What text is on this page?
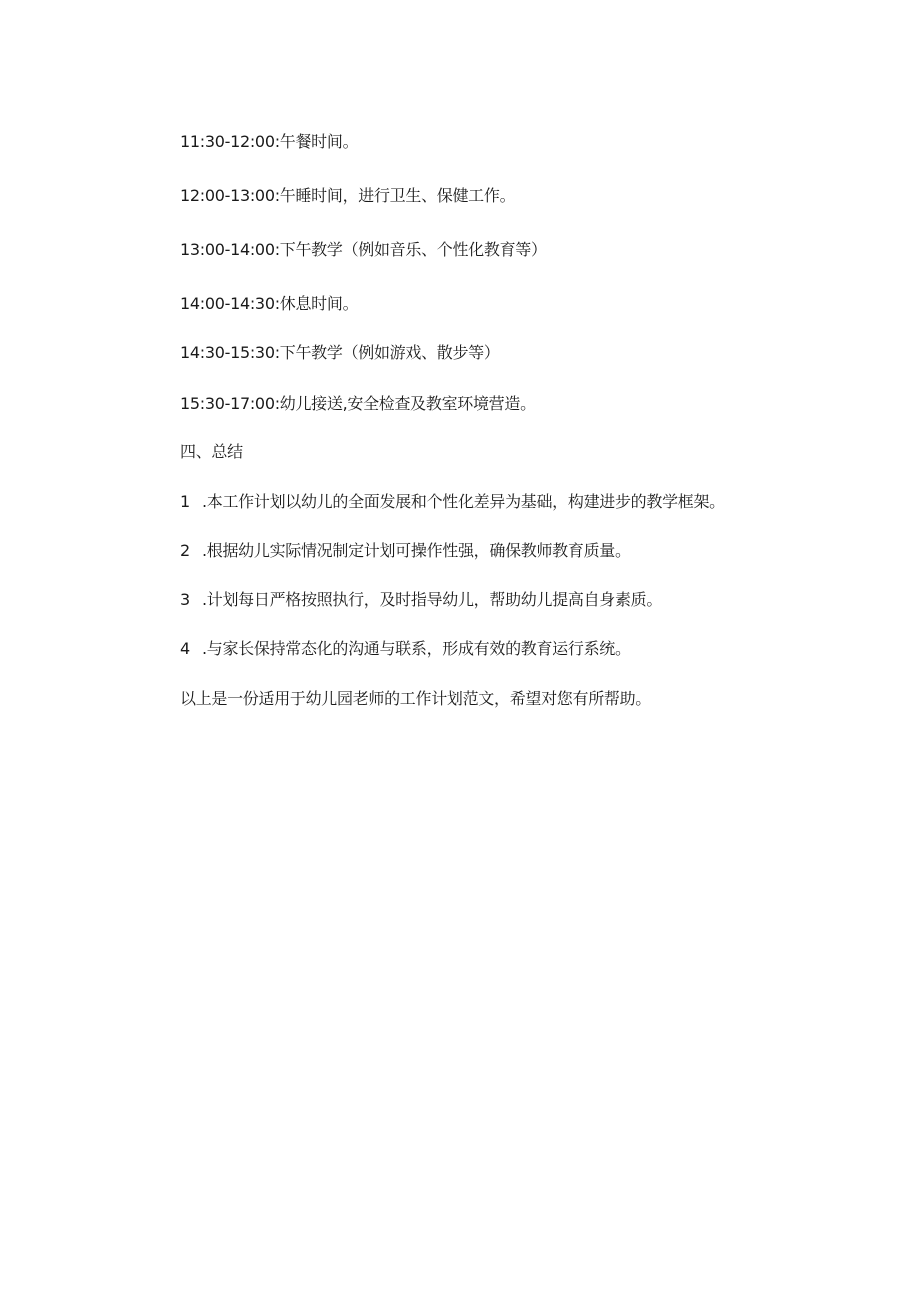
11:30-12:00:午餐时间。
12:00-13:00:午睡时间，进行卫生、保健工作。
13:00-14:00:下午教学（例如音乐、个性化教育等）
14:00-14:30:休息时间。
14:30-15:30:下午教学（例如游戏、散步等）
15:30-17:00:幼儿接送,安全检查及教室环境营造。
四、总结
1 .本工作计划以幼儿的全面发展和个性化差异为基础，构建进步的教学框架。
2 .根据幼儿实际情况制定计划可操作性强，确保教师教育质量。
3 .计划每日严格按照执行，及时指导幼儿，帮助幼儿提高自身素质。
4 .与家长保持常态化的沟通与联系，形成有效的教育运行系统。
以上是一份适用于幼儿园老师的工作计划范文，希望对您有所帮助。
